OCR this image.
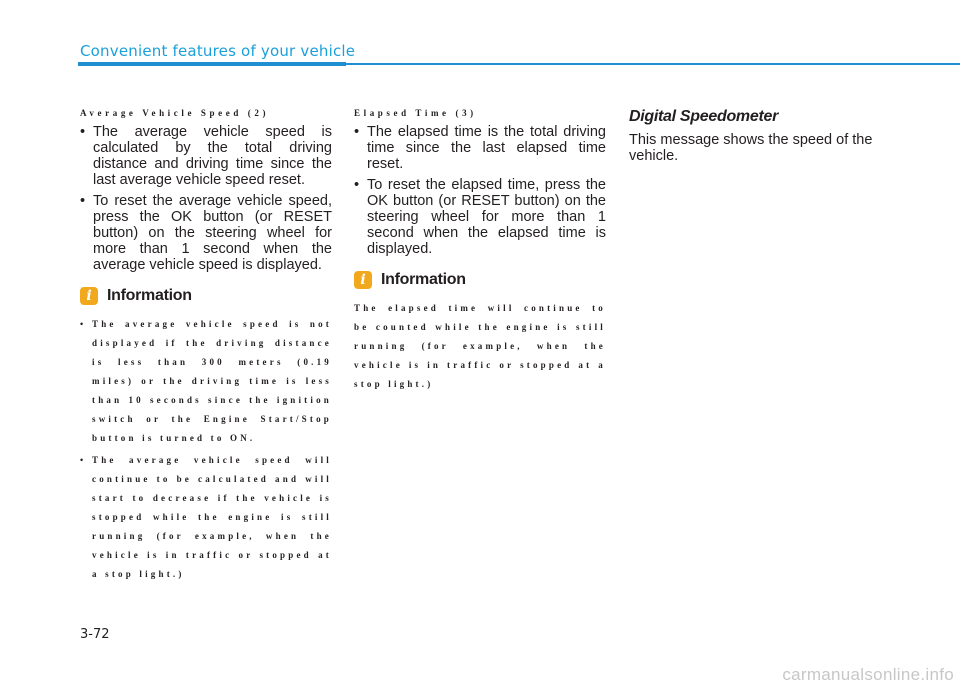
Convenient features of your vehicle
Average Vehicle Speed (2)
• The average vehicle speed is calculated by the total driving distance and driving time since the last average vehicle speed reset.
• To reset the average vehicle speed, press the OK button (or RESET button) on the steering wheel for more than 1 second when the average vehicle speed is displayed.
i Information
• The average vehicle speed is not displayed if the driving distance is less than 300 meters (0.19 miles) or the driving time is less than 10 seconds since the ignition switch or the Engine Start/Stop button is turned to ON.
• The average vehicle speed will continue to be calculated and will start to decrease if the vehicle is stopped while the engine is still running (for example, when the vehicle is in traffic or stopped at a stop light.)
Elapsed Time (3)
• The elapsed time is the total driving time since the last elapsed time reset.
• To reset the elapsed time, press the OK button (or RESET button) on the steering wheel for more than 1 second when the elapsed time is displayed.
i Information

The elapsed time will continue to be counted while the engine is still running (for example, when the vehicle is in traffic or stopped at a stop light.)

Digital Speedometer

This message shows the speed of the vehicle.

3-72
carmanualsonline.info
